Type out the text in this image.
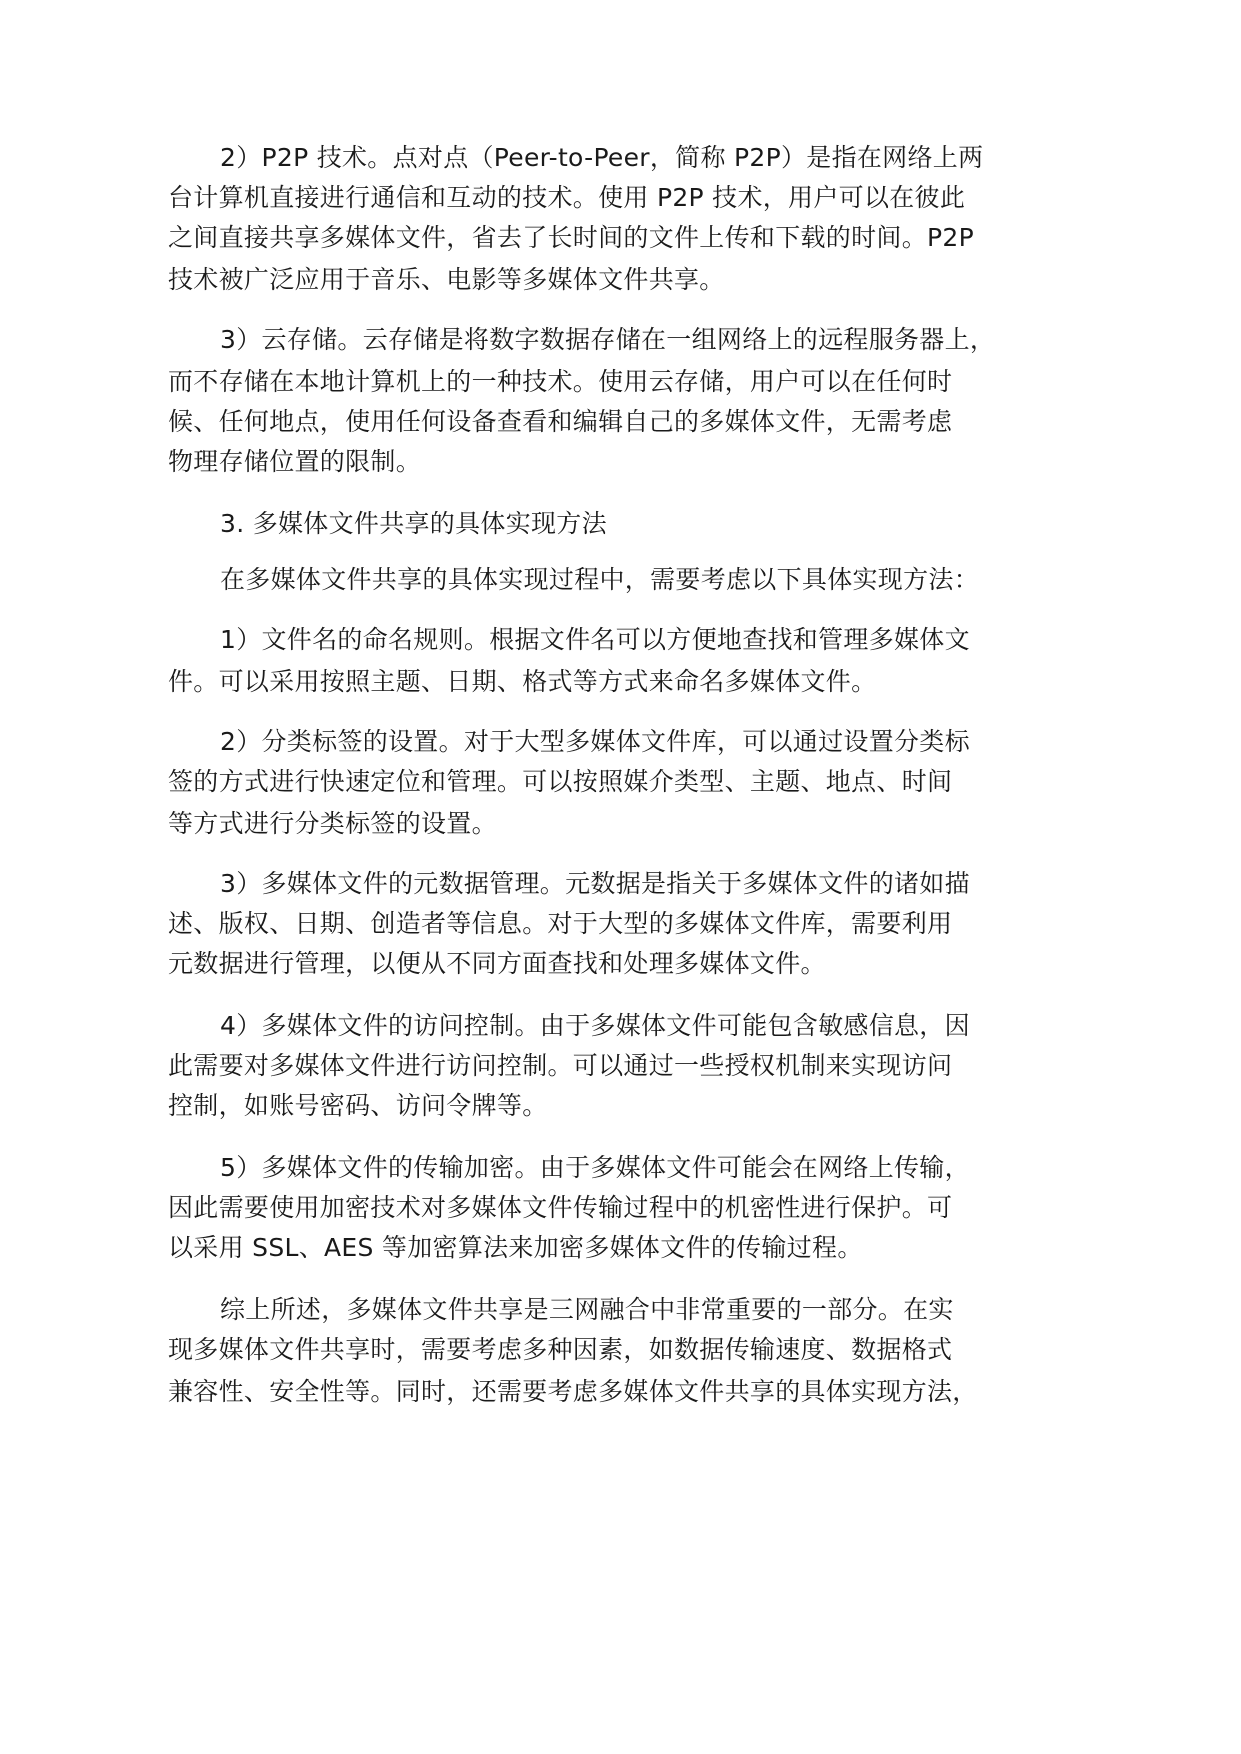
2）P2P 技术。点对点（Peer-to-Peer，简称 P2P）是指在网络上两
台计算机直接进行通信和互动的技术。使用 P2P 技术，用户可以在彼此
之间直接共享多媒体文件，省去了长时间的文件上传和下载的时间。P2P
技术被广泛应用于音乐、电影等多媒体文件共享。
3）云存储。云存储是将数字数据存储在一组网络上的远程服务器上，
而不存储在本地计算机上的一种技术。使用云存储，用户可以在任何时
候、任何地点，使用任何设备查看和编辑自己的多媒体文件，无需考虑
物理存储位置的限制。
3. 多媒体文件共享的具体实现方法
在多媒体文件共享的具体实现过程中，需要考虑以下具体实现方法：
1）文件名的命名规则。根据文件名可以方便地查找和管理多媒体文
件。可以采用按照主题、日期、格式等方式来命名多媒体文件。
2）分类标签的设置。对于大型多媒体文件库，可以通过设置分类标
签的方式进行快速定位和管理。可以按照媒介类型、主题、地点、时间
等方式进行分类标签的设置。
3）多媒体文件的元数据管理。元数据是指关于多媒体文件的诸如描
述、版权、日期、创造者等信息。对于大型的多媒体文件库，需要利用
元数据进行管理，以便从不同方面查找和处理多媒体文件。
4）多媒体文件的访问控制。由于多媒体文件可能包含敏感信息，因
此需要对多媒体文件进行访问控制。可以通过一些授权机制来实现访问
控制，如账号密码、访问令牌等。
5）多媒体文件的传输加密。由于多媒体文件可能会在网络上传输，
因此需要使用加密技术对多媒体文件传输过程中的机密性进行保护。可
以采用 SSL、AES 等加密算法来加密多媒体文件的传输过程。
综上所述，多媒体文件共享是三网融合中非常重要的一部分。在实
现多媒体文件共享时，需要考虑多种因素，如数据传输速度、数据格式
兼容性、安全性等。同时，还需要考虑多媒体文件共享的具体实现方法，
